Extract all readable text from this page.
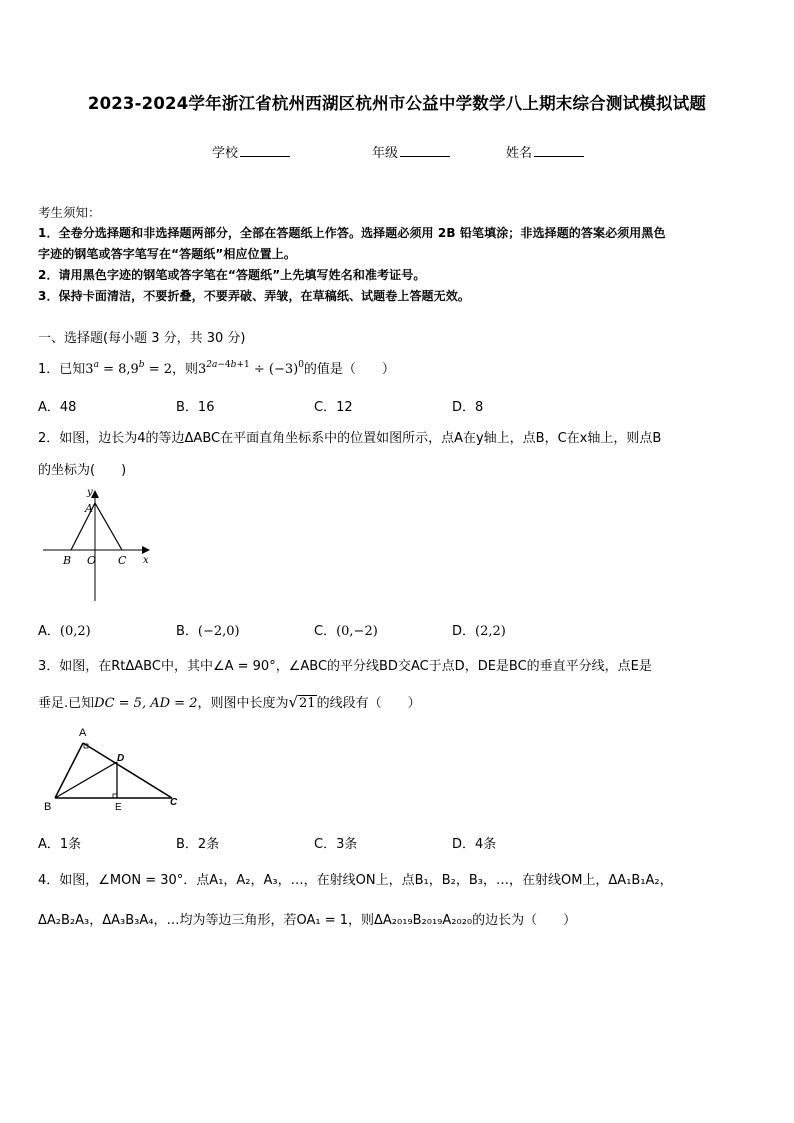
2023-2024学年浙江省杭州西湖区杭州市公益中学数学八上期末综合测试模拟试题
学校	年级	姓名
考生须知：
1．全卷分选择题和非选择题两部分，全部在答题纸上作答。选择题必须用 2B 铅笔填涂；非选择题的答案必须用黑色
字迹的钢笔或答字笔写在“答题纸”相应位置上。
2．请用黑色字迹的钢笔或答字笔在“答题纸”上先填写姓名和准考证号。
3．保持卡面清洁，不要折叠，不要弄破、弄皱，在草稿纸、试题卷上答题无效。
一、选择题(每小题 3 分，共 30 分)
1．已知$3^a = 8,9^b = 2$，则$3^{2a-4b+1} \div (-3)^0$的值是（　　）
A．48	B．16	C．12	D．8
2．如图，边长为4的等边ΔABC在平面直角坐标系中的位置如图所示，点A在y轴上，点B，C在x轴上，则点B
的坐标为(　　)
y
A
B O C x
A．(0,2)	B．(−2,0)	C．(0,−2)	D．(2,2)
3．如图，在RtΔABC中，其中∠A = 90°，∠ABC的平分线BD交AC于点D，DE是BC的垂直平分线，点E是
垂足.已知DC = 5, AD = 2，则图中长度为√21的线段有（　　）
A
D
B	E	C
A．1条	B．2条	C．3条	D．4条
4．如图，∠MON = 30°．点A₁，A₂，A₃，…，在射线ON上，点B₁，B₂，B₃，…，在射线OM上，ΔA₁B₁A₂，
ΔA₂B₂A₃，ΔA₃B₃A₄，…均为等边三角形，若OA₁ = 1，则ΔA₂₀₁₉B₂₀₁₉A₂₀₂₀的边长为（　　）
